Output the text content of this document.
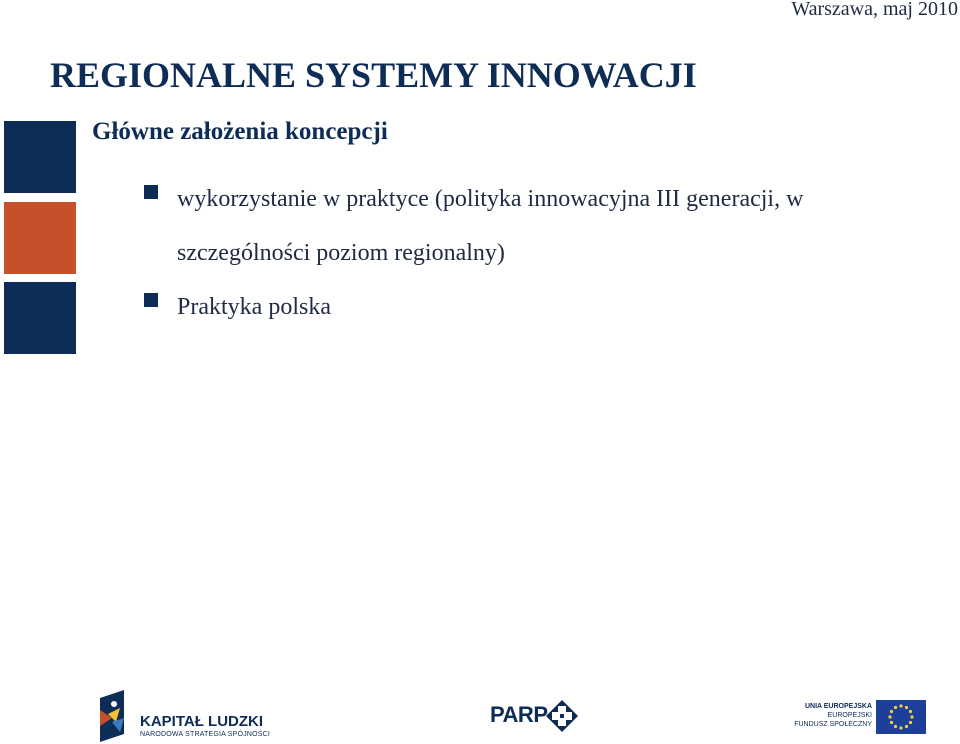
Warszawa, maj 2010
REGIONALNE SYSTEMY INNOWACJI
Główne założenia koncepcji
wykorzystanie w praktyce (polityka innowacyjna III generacji, w szczególności poziom regionalny)
Praktyka polska
KAPITAŁ LUDZKI
NARODOWA STRATEGIA SPÓJNOŚCI
PARP	UNIA EUROPEJSKA
EUROPEJSKI
FUNDUSZ SPOŁECZNY
